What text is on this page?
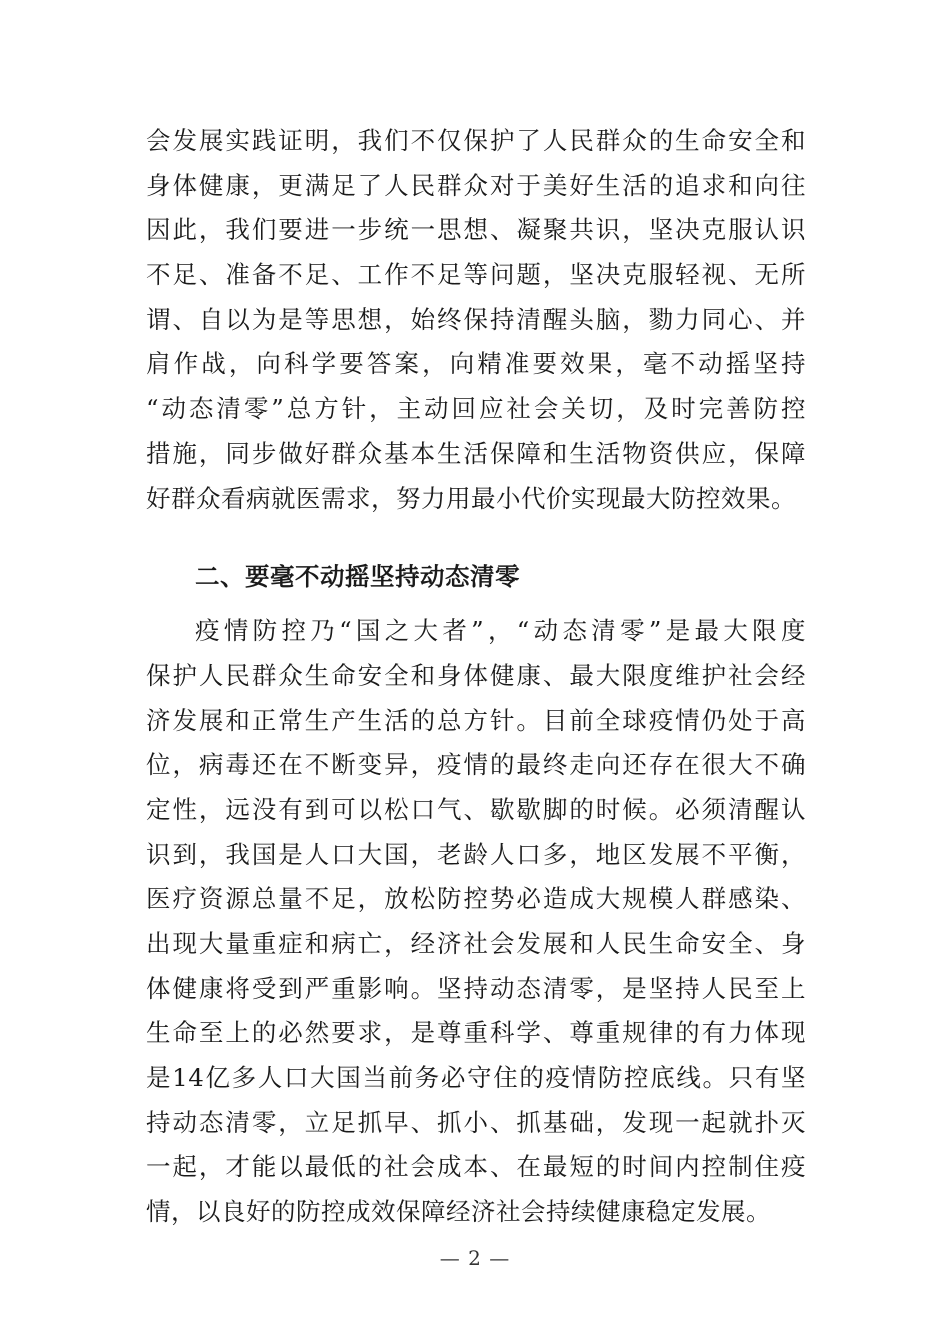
会发展实践证明，我们不仅保护了人民群众的生命安全和
身体健康，更满足了人民群众对于美好生活的追求和向往
因此，我们要进一步统一思想、凝聚共识，坚决克服认识
不足、准备不足、工作不足等问题，坚决克服轻视、无所
谓、自以为是等思想，始终保持清醒头脑，勠力同心、并
肩作战，向科学要答案，向精准要效果，毫不动摇坚持
“动态清零”总方针，主动回应社会关切，及时完善防控
措施，同步做好群众基本生活保障和生活物资供应，保障
好群众看病就医需求，努力用最小代价实现最大防控效果。
二、要毫不动摇坚持动态清零
疫情防控乃“国之大者”，“动态清零”是最大限度
保护人民群众生命安全和身体健康、最大限度维护社会经
济发展和正常生产生活的总方针。目前全球疫情仍处于高
位，病毒还在不断变异，疫情的最终走向还存在很大不确
定性，远没有到可以松口气、歇歇脚的时候。必须清醒认
识到，我国是人口大国，老龄人口多，地区发展不平衡，
医疗资源总量不足，放松防控势必造成大规模人群感染、
出现大量重症和病亡，经济社会发展和人民生命安全、身
体健康将受到严重影响。坚持动态清零，是坚持人民至上
生命至上的必然要求，是尊重科学、尊重规律的有力体现
是14亿多人口大国当前务必守住的疫情防控底线。只有坚
持动态清零，立足抓早、抓小、抓基础，发现一起就扑灭
一起，才能以最低的社会成本、在最短的时间内控制住疫
情，以良好的防控成效保障经济社会持续健康稳定发展。
— 2 —
